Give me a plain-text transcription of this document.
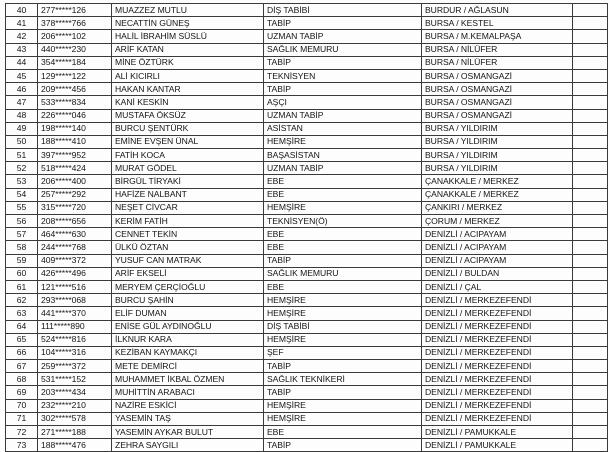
40	277*****126	MUAZZEZ MUTLU	DİŞ TABİBİ	BURDUR / AĞLASUN	
41	378*****766	NECATTİN GÜNEŞ	TABİP	BURSA / KESTEL	
42	206*****102	HALİL İBRAHİM SÜSLÜ	UZMAN TABİP	BURSA / M.KEMALPAŞA	
43	440*****230	ARİF KATAN	SAĞLIK MEMURU	BURSA / NİLÜFER	
44	354*****184	MİNE ÖZTÜRK	TABİP	BURSA / NİLÜFER	
45	129*****122	ALİ KICIRLI	TEKNİSYEN	BURSA / OSMANGAZİ	
46	209*****456	HAKAN KANTAR	TABİP	BURSA / OSMANGAZİ	
47	533*****834	KANİ KESKİN	AŞÇI	BURSA / OSMANGAZİ	
48	226*****046	MUSTAFA ÖKSÜZ	UZMAN TABİP	BURSA / OSMANGAZİ	
49	198*****140	BURCU ŞENTÜRK	ASİSTAN	BURSA / YILDIRIM	
50	188*****410	EMİNE EVŞEN ÜNAL	HEMŞİRE	BURSA / YILDIRIM	
51	397*****952	FATİH KOCA	BAŞASİSTAN	BURSA / YILDIRIM	
52	518*****424	MURAT GÖDEL	UZMAN TABİP	BURSA / YILDIRIM	
53	206*****400	BİRGÜL TİRYAKİ	EBE	ÇANAKKALE / MERKEZ	
54	257*****292	HAFİZE NALBANT	EBE	ÇANAKKALE / MERKEZ	
55	315*****720	NEŞET CİVCAR	HEMŞİRE	ÇANKIRI / MERKEZ	
56	208*****656	KERİM FATİH	TEKNİSYEN(Ö)	ÇORUM / MERKEZ	
57	464*****630	CENNET TEKİN	EBE	DENİZLİ / ACIPAYAM	
58	244*****768	ÜLKÜ ÖZTAN	EBE	DENİZLİ / ACIPAYAM	
59	409*****372	YUSUF CAN MATRAK	TABİP	DENİZLİ / ACIPAYAM	
60	426*****496	ARİF EKSELİ	SAĞLIK MEMURU	DENİZLİ / BULDAN	
61	121*****516	MERYEM ÇERÇİOĞLU	EBE	DENİZLİ / ÇAL	
62	293*****068	BURCU ŞAHİN	HEMŞİRE	DENİZLİ / MERKEZEFENDİ	
63	441*****370	ELİF DUMAN	HEMŞİRE	DENİZLİ / MERKEZEFENDİ	
64	111*****890	ENİSE GÜL AYDINOĞLU	DİŞ TABİBİ	DENİZLİ / MERKEZEFENDİ	
65	524*****816	İLKNUR KARA	HEMŞİRE	DENİZLİ / MERKEZEFENDİ	
66	104*****316	KEZİBAN KAYMAKÇI	ŞEF	DENİZLİ / MERKEZEFENDİ	
67	259*****372	METE DEMİRCİ	TABİP	DENİZLİ / MERKEZEFENDİ	
68	531*****152	MUHAMMET İKBAL ÖZMEN	SAĞLIK TEKNİKERİ	DENİZLİ / MERKEZEFENDİ	
69	203*****434	MUHİTTİN ARABACI	TABİP	DENİZLİ / MERKEZEFENDİ	
70	232*****210	NAZİRE ESKİCİ	HEMŞİRE	DENİZLİ / MERKEZEFENDİ	
71	302*****578	YASEMİN TAŞ	HEMŞİRE	DENİZLİ / MERKEZEFENDİ	
72	271*****188	YASEMİN AYKAR BULUT	EBE	DENİZLİ / PAMUKKALE	
73	188*****476	ZEHRA SAYGILI	TABİP	DENİZLİ / PAMUKKALE	
